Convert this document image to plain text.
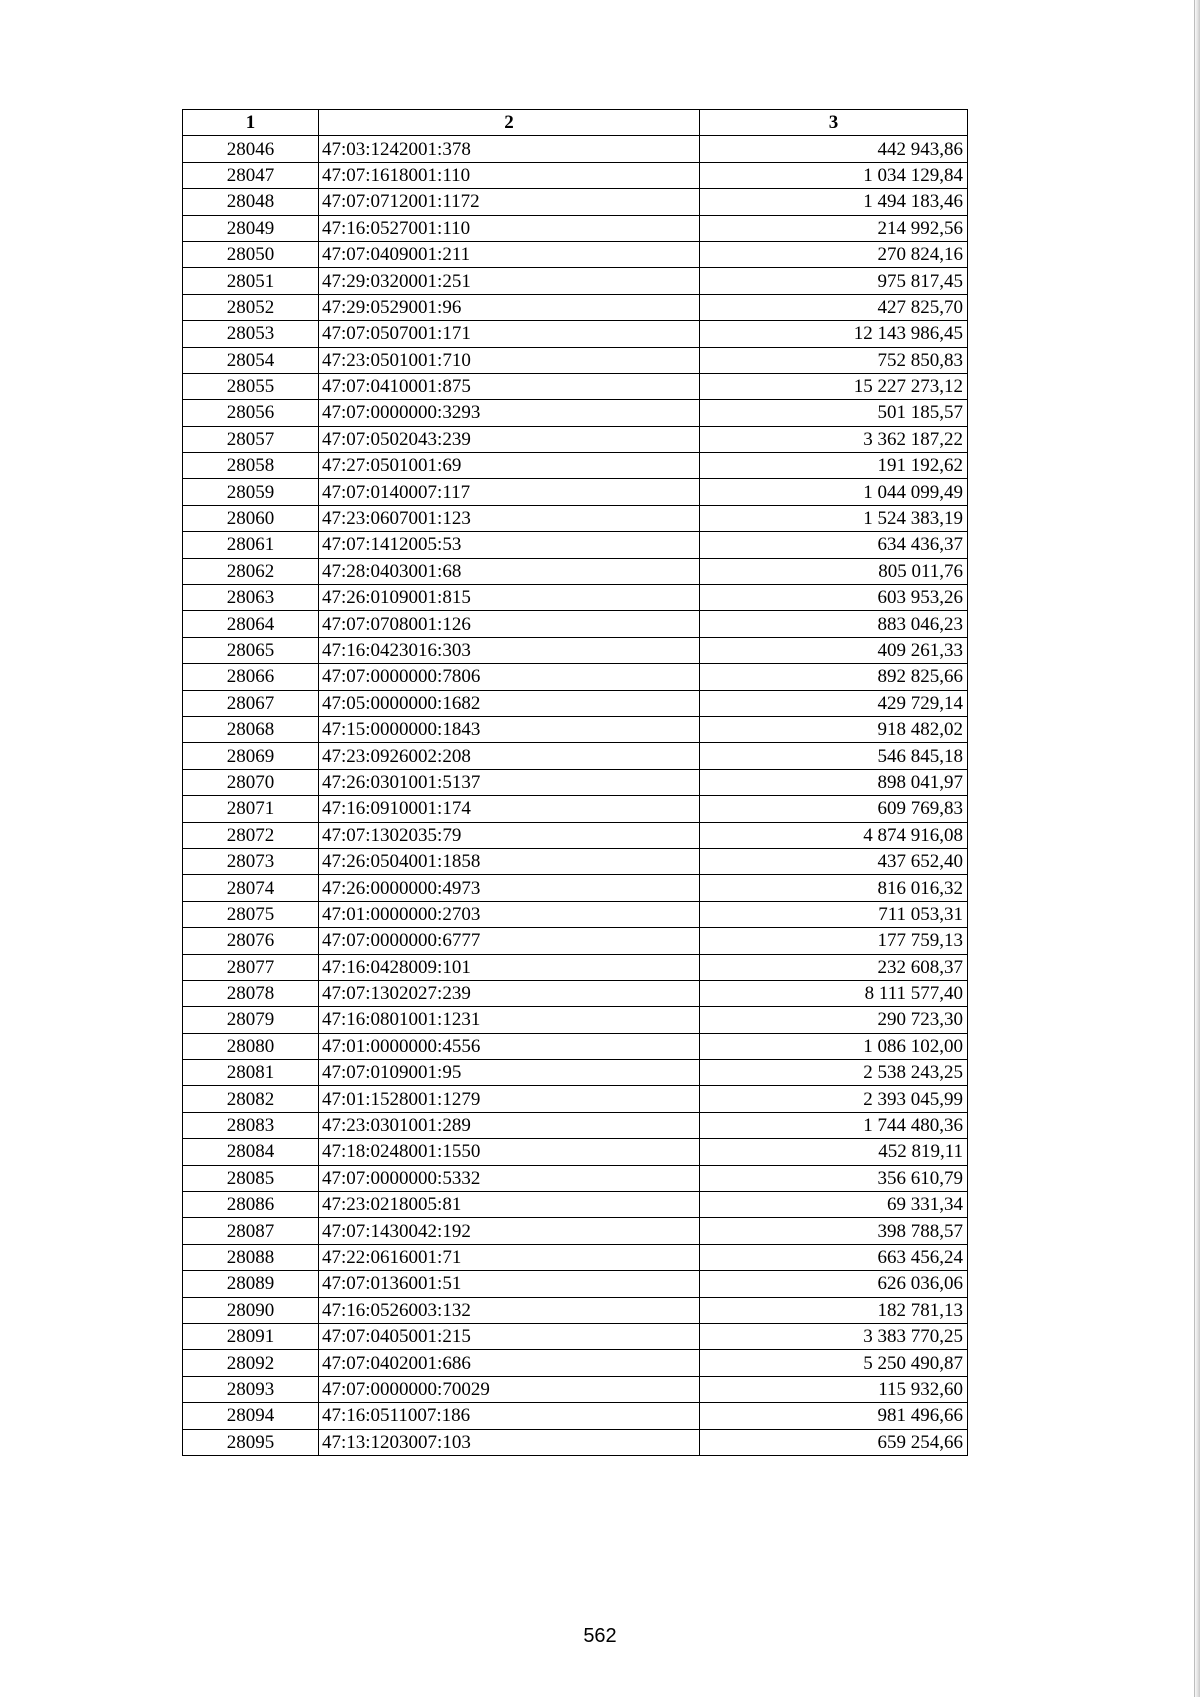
1	2	3
28046	47:03:1242001:378	442 943,86
28047	47:07:1618001:110	1 034 129,84
28048	47:07:0712001:1172	1 494 183,46
28049	47:16:0527001:110	214 992,56
28050	47:07:0409001:211	270 824,16
28051	47:29:0320001:251	975 817,45
28052	47:29:0529001:96	427 825,70
28053	47:07:0507001:171	12 143 986,45
28054	47:23:0501001:710	752 850,83
28055	47:07:0410001:875	15 227 273,12
28056	47:07:0000000:3293	501 185,57
28057	47:07:0502043:239	3 362 187,22
28058	47:27:0501001:69	191 192,62
28059	47:07:0140007:117	1 044 099,49
28060	47:23:0607001:123	1 524 383,19
28061	47:07:1412005:53	634 436,37
28062	47:28:0403001:68	805 011,76
28063	47:26:0109001:815	603 953,26
28064	47:07:0708001:126	883 046,23
28065	47:16:0423016:303	409 261,33
28066	47:07:0000000:7806	892 825,66
28067	47:05:0000000:1682	429 729,14
28068	47:15:0000000:1843	918 482,02
28069	47:23:0926002:208	546 845,18
28070	47:26:0301001:5137	898 041,97
28071	47:16:0910001:174	609 769,83
28072	47:07:1302035:79	4 874 916,08
28073	47:26:0504001:1858	437 652,40
28074	47:26:0000000:4973	816 016,32
28075	47:01:0000000:2703	711 053,31
28076	47:07:0000000:6777	177 759,13
28077	47:16:0428009:101	232 608,37
28078	47:07:1302027:239	8 111 577,40
28079	47:16:0801001:1231	290 723,30
28080	47:01:0000000:4556	1 086 102,00
28081	47:07:0109001:95	2 538 243,25
28082	47:01:1528001:1279	2 393 045,99
28083	47:23:0301001:289	1 744 480,36
28084	47:18:0248001:1550	452 819,11
28085	47:07:0000000:5332	356 610,79
28086	47:23:0218005:81	69 331,34
28087	47:07:1430042:192	398 788,57
28088	47:22:0616001:71	663 456,24
28089	47:07:0136001:51	626 036,06
28090	47:16:0526003:132	182 781,13
28091	47:07:0405001:215	3 383 770,25
28092	47:07:0402001:686	5 250 490,87
28093	47:07:0000000:70029	115 932,60
28094	47:16:0511007:186	981 496,66
28095	47:13:1203007:103	659 254,66
562
